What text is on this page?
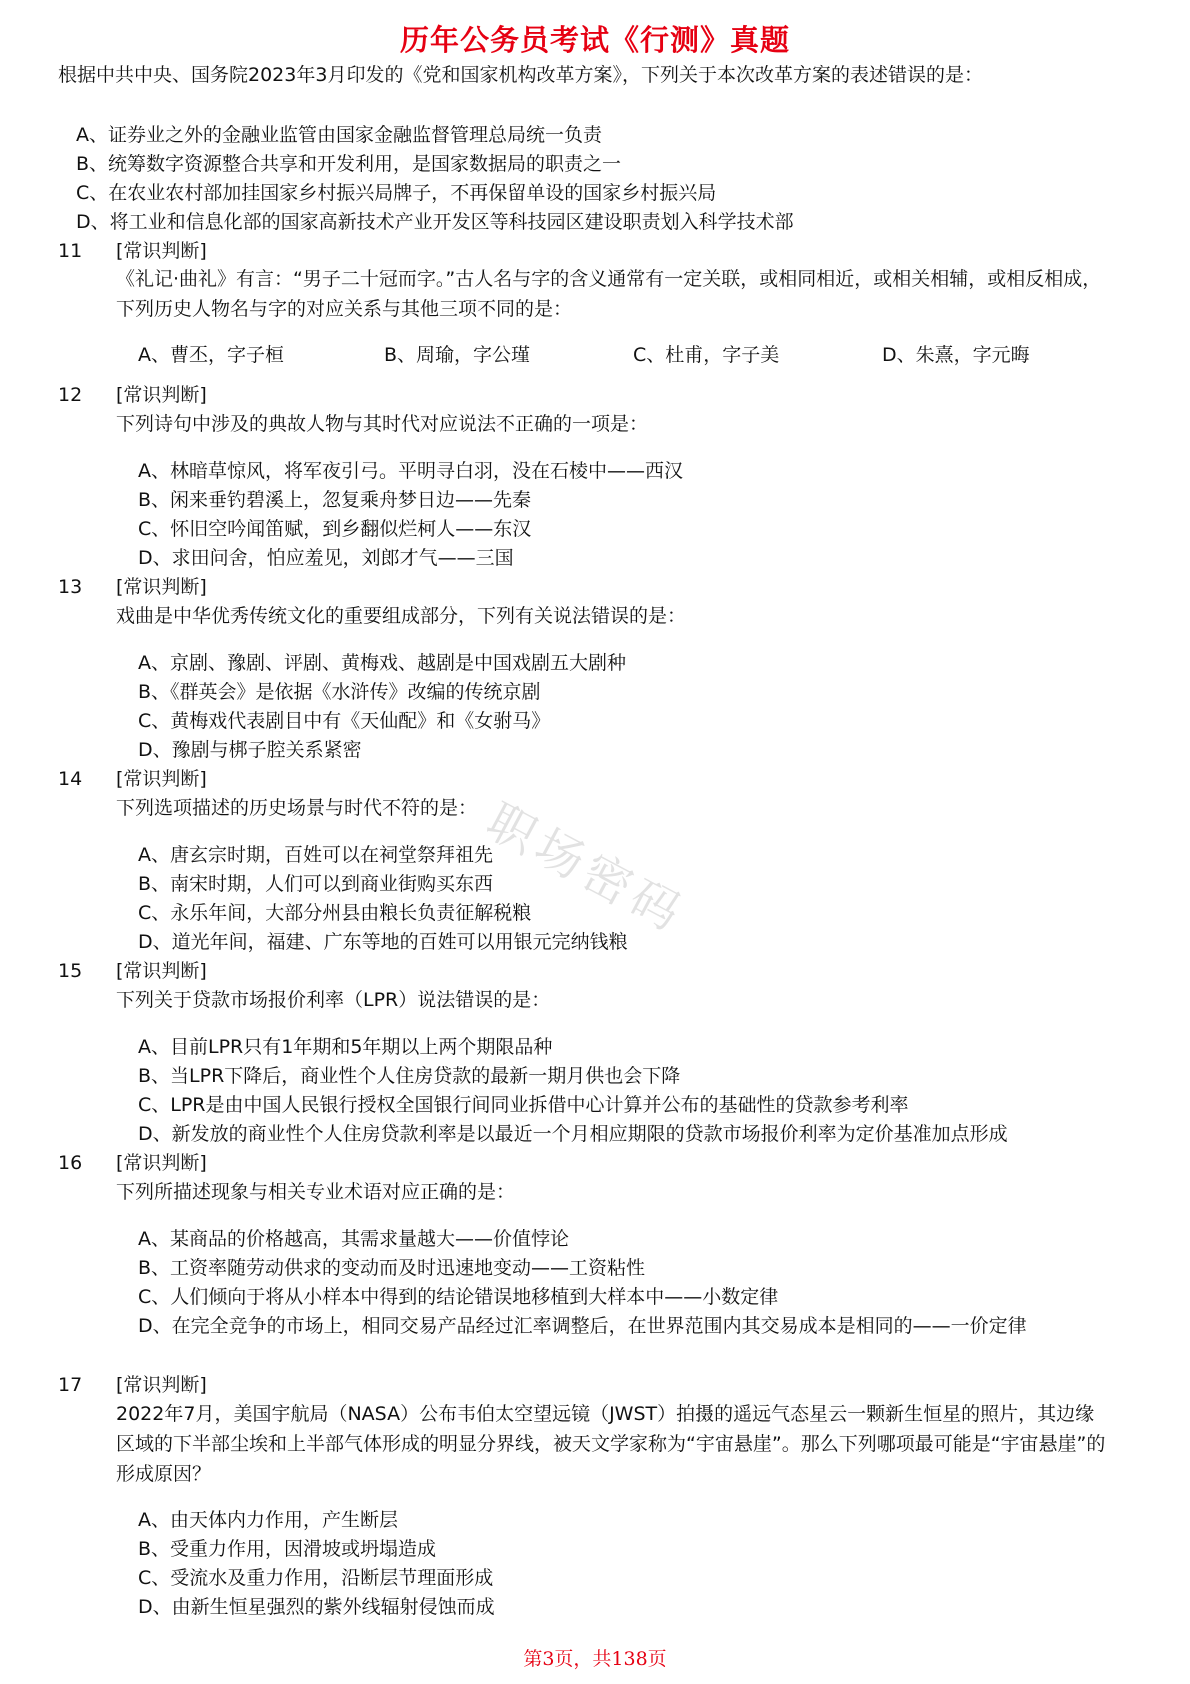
历年公务员考试《行测》真题
职场密码
根据中共中央、国务院2023年3月印发的《党和国家机构改革方案》，下列关于本次改革方案的表述错误的是：
A、证券业之外的金融业监管由国家金融监督管理总局统一负责
B、统筹数字资源整合共享和开发利用，是国家数据局的职责之一
C、在农业农村部加挂国家乡村振兴局牌子，不再保留单设的国家乡村振兴局
D、将工业和信息化部的国家高新技术产业开发区等科技园区建设职责划入科学技术部
11 [常识判断]
《礼记·曲礼》有言：“男子二十冠而字。”古人名与字的含义通常有一定关联，或相同相近，或相关相辅，或相反相成，下列历史人物名与字的对应关系与其他三项不同的是：
A、曹丕，字子桓	B、周瑜，字公瑾	C、杜甫，字子美	D、朱熹，字元晦
12 [常识判断]
下列诗句中涉及的典故人物与其时代对应说法不正确的一项是：
A、林暗草惊风，将军夜引弓。平明寻白羽，没在石棱中——西汉
B、闲来垂钓碧溪上，忽复乘舟梦日边——先秦
C、怀旧空吟闻笛赋，到乡翻似烂柯人——东汉
D、求田问舍，怕应羞见，刘郎才气——三国
13 [常识判断]
戏曲是中华优秀传统文化的重要组成部分，下列有关说法错误的是：
A、京剧、豫剧、评剧、黄梅戏、越剧是中国戏剧五大剧种
B、《群英会》是依据《水浒传》改编的传统京剧
C、黄梅戏代表剧目中有《天仙配》和《女驸马》
D、豫剧与梆子腔关系紧密
14 [常识判断]
下列选项描述的历史场景与时代不符的是：
A、唐玄宗时期，百姓可以在祠堂祭拜祖先
B、南宋时期，人们可以到商业街购买东西
C、永乐年间，大部分州县由粮长负责征解税粮
D、道光年间，福建、广东等地的百姓可以用银元完纳钱粮
15 [常识判断]
下列关于贷款市场报价利率（LPR）说法错误的是：
A、目前LPR只有1年期和5年期以上两个期限品种
B、当LPR下降后，商业性个人住房贷款的最新一期月供也会下降
C、LPR是由中国人民银行授权全国银行间同业拆借中心计算并公布的基础性的贷款参考利率
D、新发放的商业性个人住房贷款利率是以最近一个月相应期限的贷款市场报价利率为定价基准加点形成
16 [常识判断]
下列所描述现象与相关专业术语对应正确的是：
A、某商品的价格越高，其需求量越大——价值悖论
B、工资率随劳动供求的变动而及时迅速地变动——工资粘性
C、人们倾向于将从小样本中得到的结论错误地移植到大样本中——小数定律
D、在完全竞争的市场上，相同交易产品经过汇率调整后，在世界范围内其交易成本是相同的——一价定律
17 [常识判断]
2022年7月，美国宇航局（NASA）公布韦伯太空望远镜（JWST）拍摄的遥远气态星云一颗新生恒星的照片，其边缘区域的下半部尘埃和上半部气体形成的明显分界线，被天文学家称为“宇宙悬崖”。那么下列哪项最可能是“宇宙悬崖”的形成原因？
A、由天体内力作用，产生断层
B、受重力作用，因滑坡或坍塌造成
C、受流水及重力作用，沿断层节理面形成
D、由新生恒星强烈的紫外线辐射侵蚀而成
第3页，共138页
